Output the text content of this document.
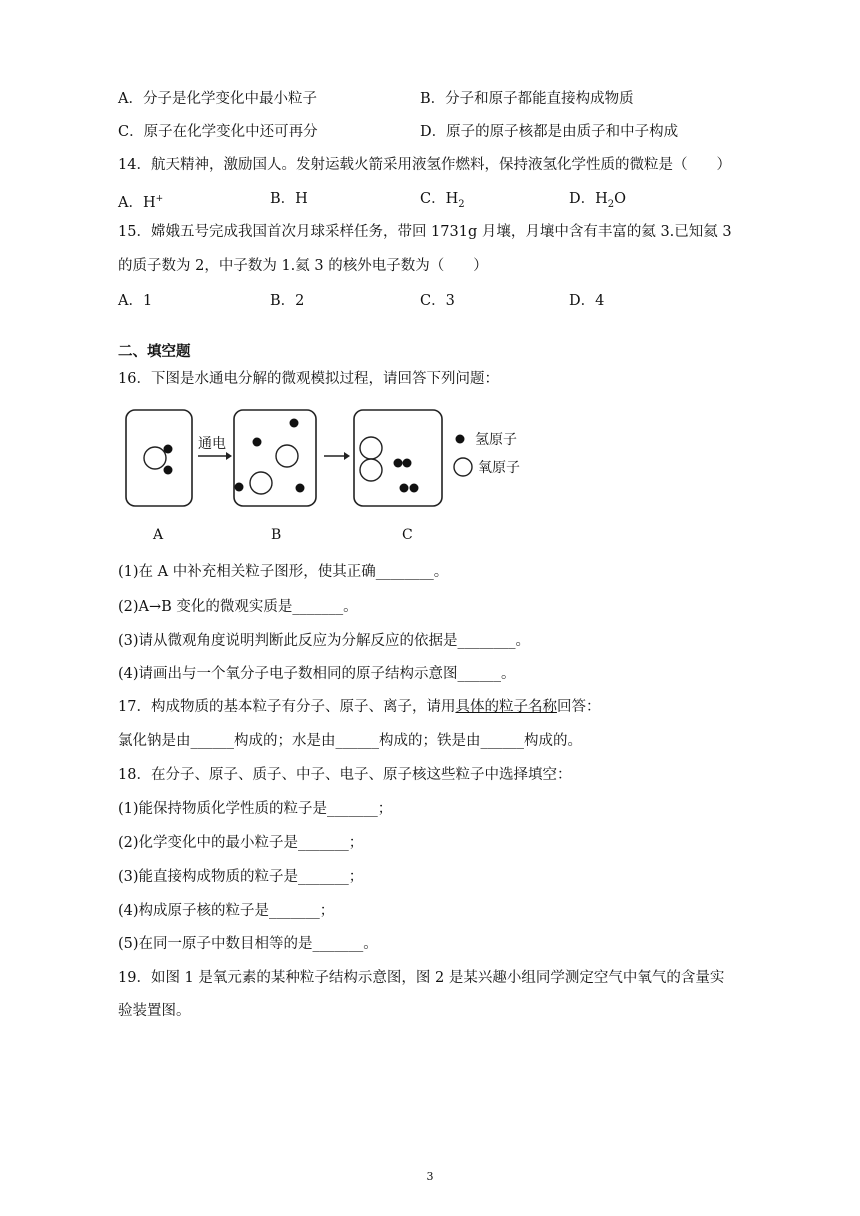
A．分子是化学变化中最小粒子	B．分子和原子都能直接构成物质
C．原子在化学变化中还可再分	D．原子的原子核都是由质子和中子构成
14．航天精神，激励国人。发射运载火箭采用液氢作燃料，保持液氢化学性质的微粒是（　　）
A．H+	B．H	C．$H_2$	D．$H_2O$
15．嫦娥五号完成我国首次月球采样任务，带回 1731g 月壤，月壤中含有丰富的氦 3.已知氦 3
的质子数为 2，中子数为 1.氦 3 的核外电子数为（　　）
A．1	B．2	C．3	D．4
二、填空题
16．下图是水通电分解的微观模拟过程，请回答下列问题：
通电	氢原子
氧原子
A	B	C
(1)在 A 中补充相关粒子图形，使其正确________。
(2)A→B 变化的微观实质是_______。
(3)请从微观角度说明判断此反应为分解反应的依据是________。
(4)请画出与一个氧分子电子数相同的原子结构示意图______。
17．构成物质的基本粒子有分子、原子、离子，请用具体的粒子名称回答：
氯化钠是由______构成的；水是由______构成的；铁是由______构成的。
18．在分子、原子、质子、中子、电子、原子核这些粒子中选择填空：
(1)能保持物质化学性质的粒子是_______；
(2)化学变化中的最小粒子是_______；
(3)能直接构成物质的粒子是_______；
(4)构成原子核的粒子是_______；
(5)在同一原子中数目相等的是_______。
19．如图 1 是氧元素的某种粒子结构示意图，图 2 是某兴趣小组同学测定空气中氧气的含量实
验装置图。
3
